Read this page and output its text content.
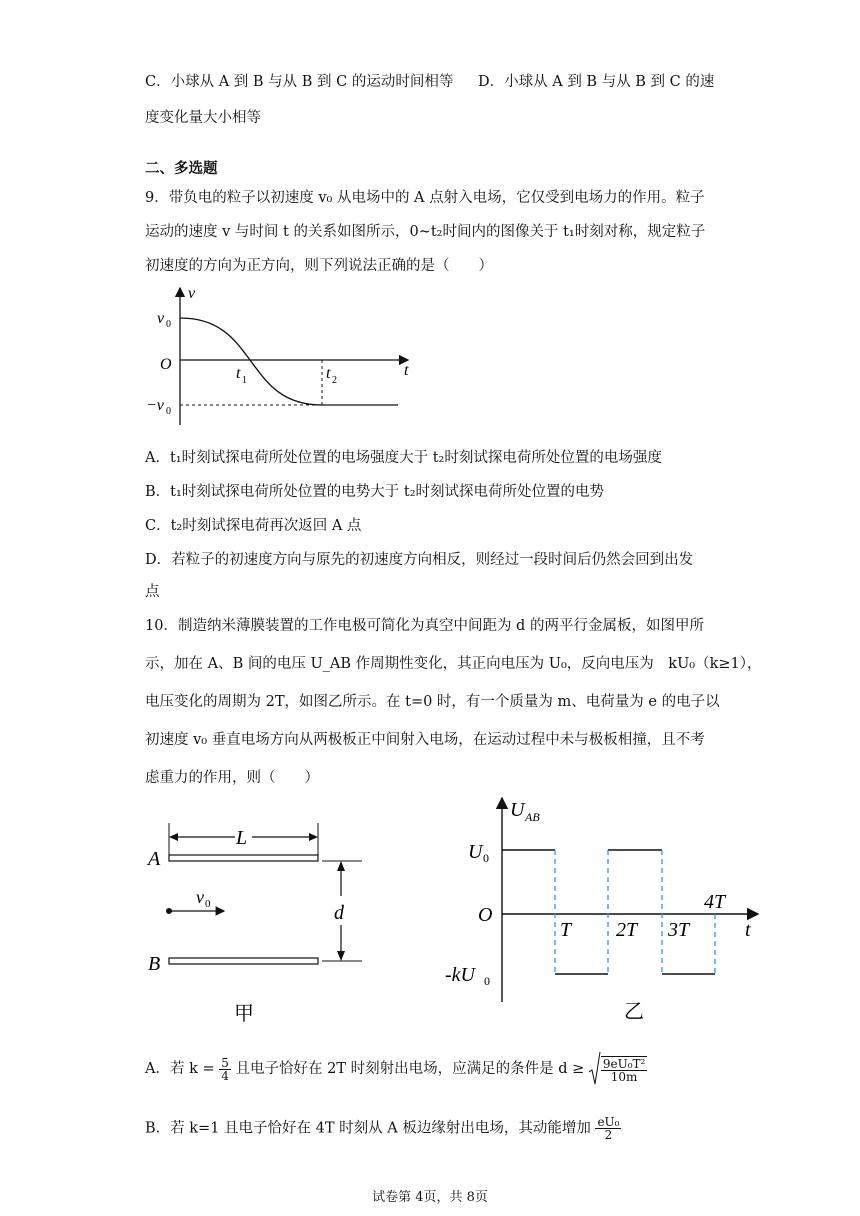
C．小球从 A 到 B 与从 B 到 C 的运动时间相等 D．小球从 A 到 B 与从 B 到 C 的速
度变化量大小相等
二、多选题
9．带负电的粒子以初速度 v₀ 从电场中的 A 点射入电场，它仅受到电场力的作用。粒子
运动的速度 v 与时间 t 的关系如图所示，0~t₂时间内的图像关于 t₁时刻对称，规定粒子
初速度的方向为正方向，则下列说法正确的是（　　）
v
v 0
O
t 1	t 2
t
−v 0
A．t₁时刻试探电荷所处位置的电场强度大于 t₂时刻试探电荷所处位置的电场强度
B．t₁时刻试探电荷所处位置的电势大于 t₂时刻试探电荷所处位置的电势
C．t₂时刻试探电荷再次返回 A 点
D．若粒子的初速度方向与原先的初速度方向相反，则经过一段时间后仍然会回到出发
点
10．制造纳米薄膜装置的工作电极可简化为真空中间距为 d 的两平行金属板，如图甲所
示，加在 A、B 间的电压 U_AB 作周期性变化，其正向电压为 U₀，反向电压为　kU₀（k≥1），
电压变化的周期为 2T，如图乙所示。在 t=0 时，有一个质量为 m、电荷量为 e 的电子以
初速度 v₀ 垂直电场方向从两极板正中间射入电场，在运动过程中未与极板相撞，且不考
虑重力的作用，则（　　）
L
A
B
v 0	d
甲
U AB
U 0
O
-kU 0
T 2T 3T
4T
t
乙
A．若 $k = \frac{5}{4}$ 且电子恰好在 2T 时刻射出电场，应满足的条件是 $d \ge \frac{\text{9eU₀T²}}{10m}$
B．若 k=1 且电子恰好在 4T 时刻从 A 板边缘射出电场，其动能增加 $\frac{\text{eU₀}}{2}$
试卷第 4页，共 8页
